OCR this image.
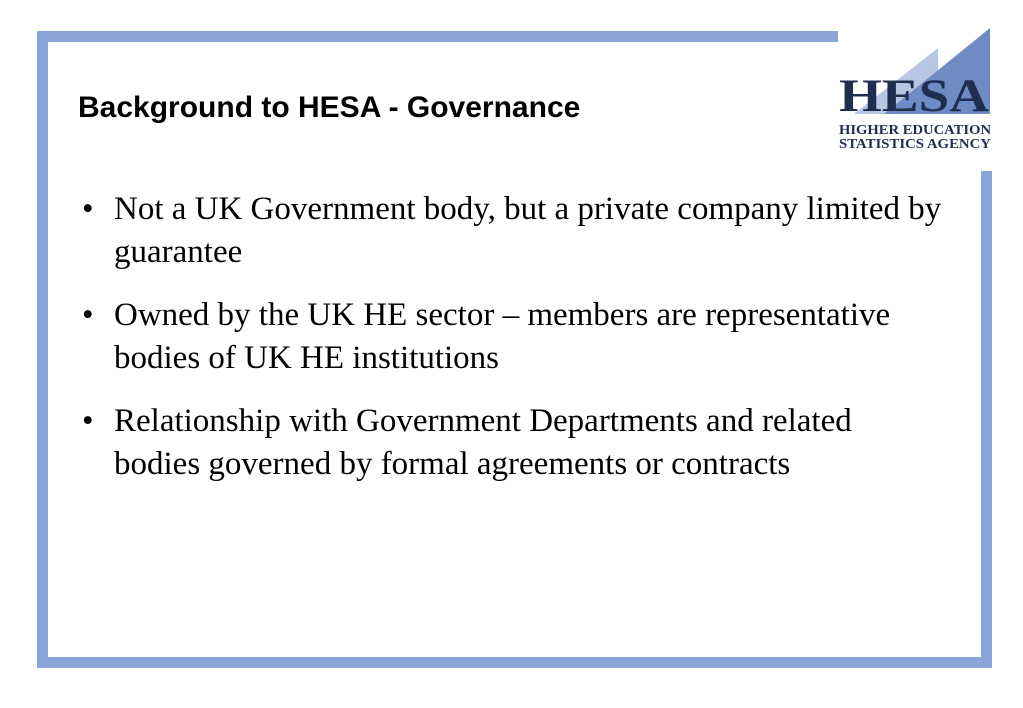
HESA
HIGHER EDUCATION
STATISTICS AGENCY
Background to HESA - Governance
• Not a UK Government body, but a private company limited by guarantee
• Owned by the UK HE sector – members are representative bodies of UK HE institutions
• Relationship with Government Departments and related bodies governed by formal agreements or contracts
